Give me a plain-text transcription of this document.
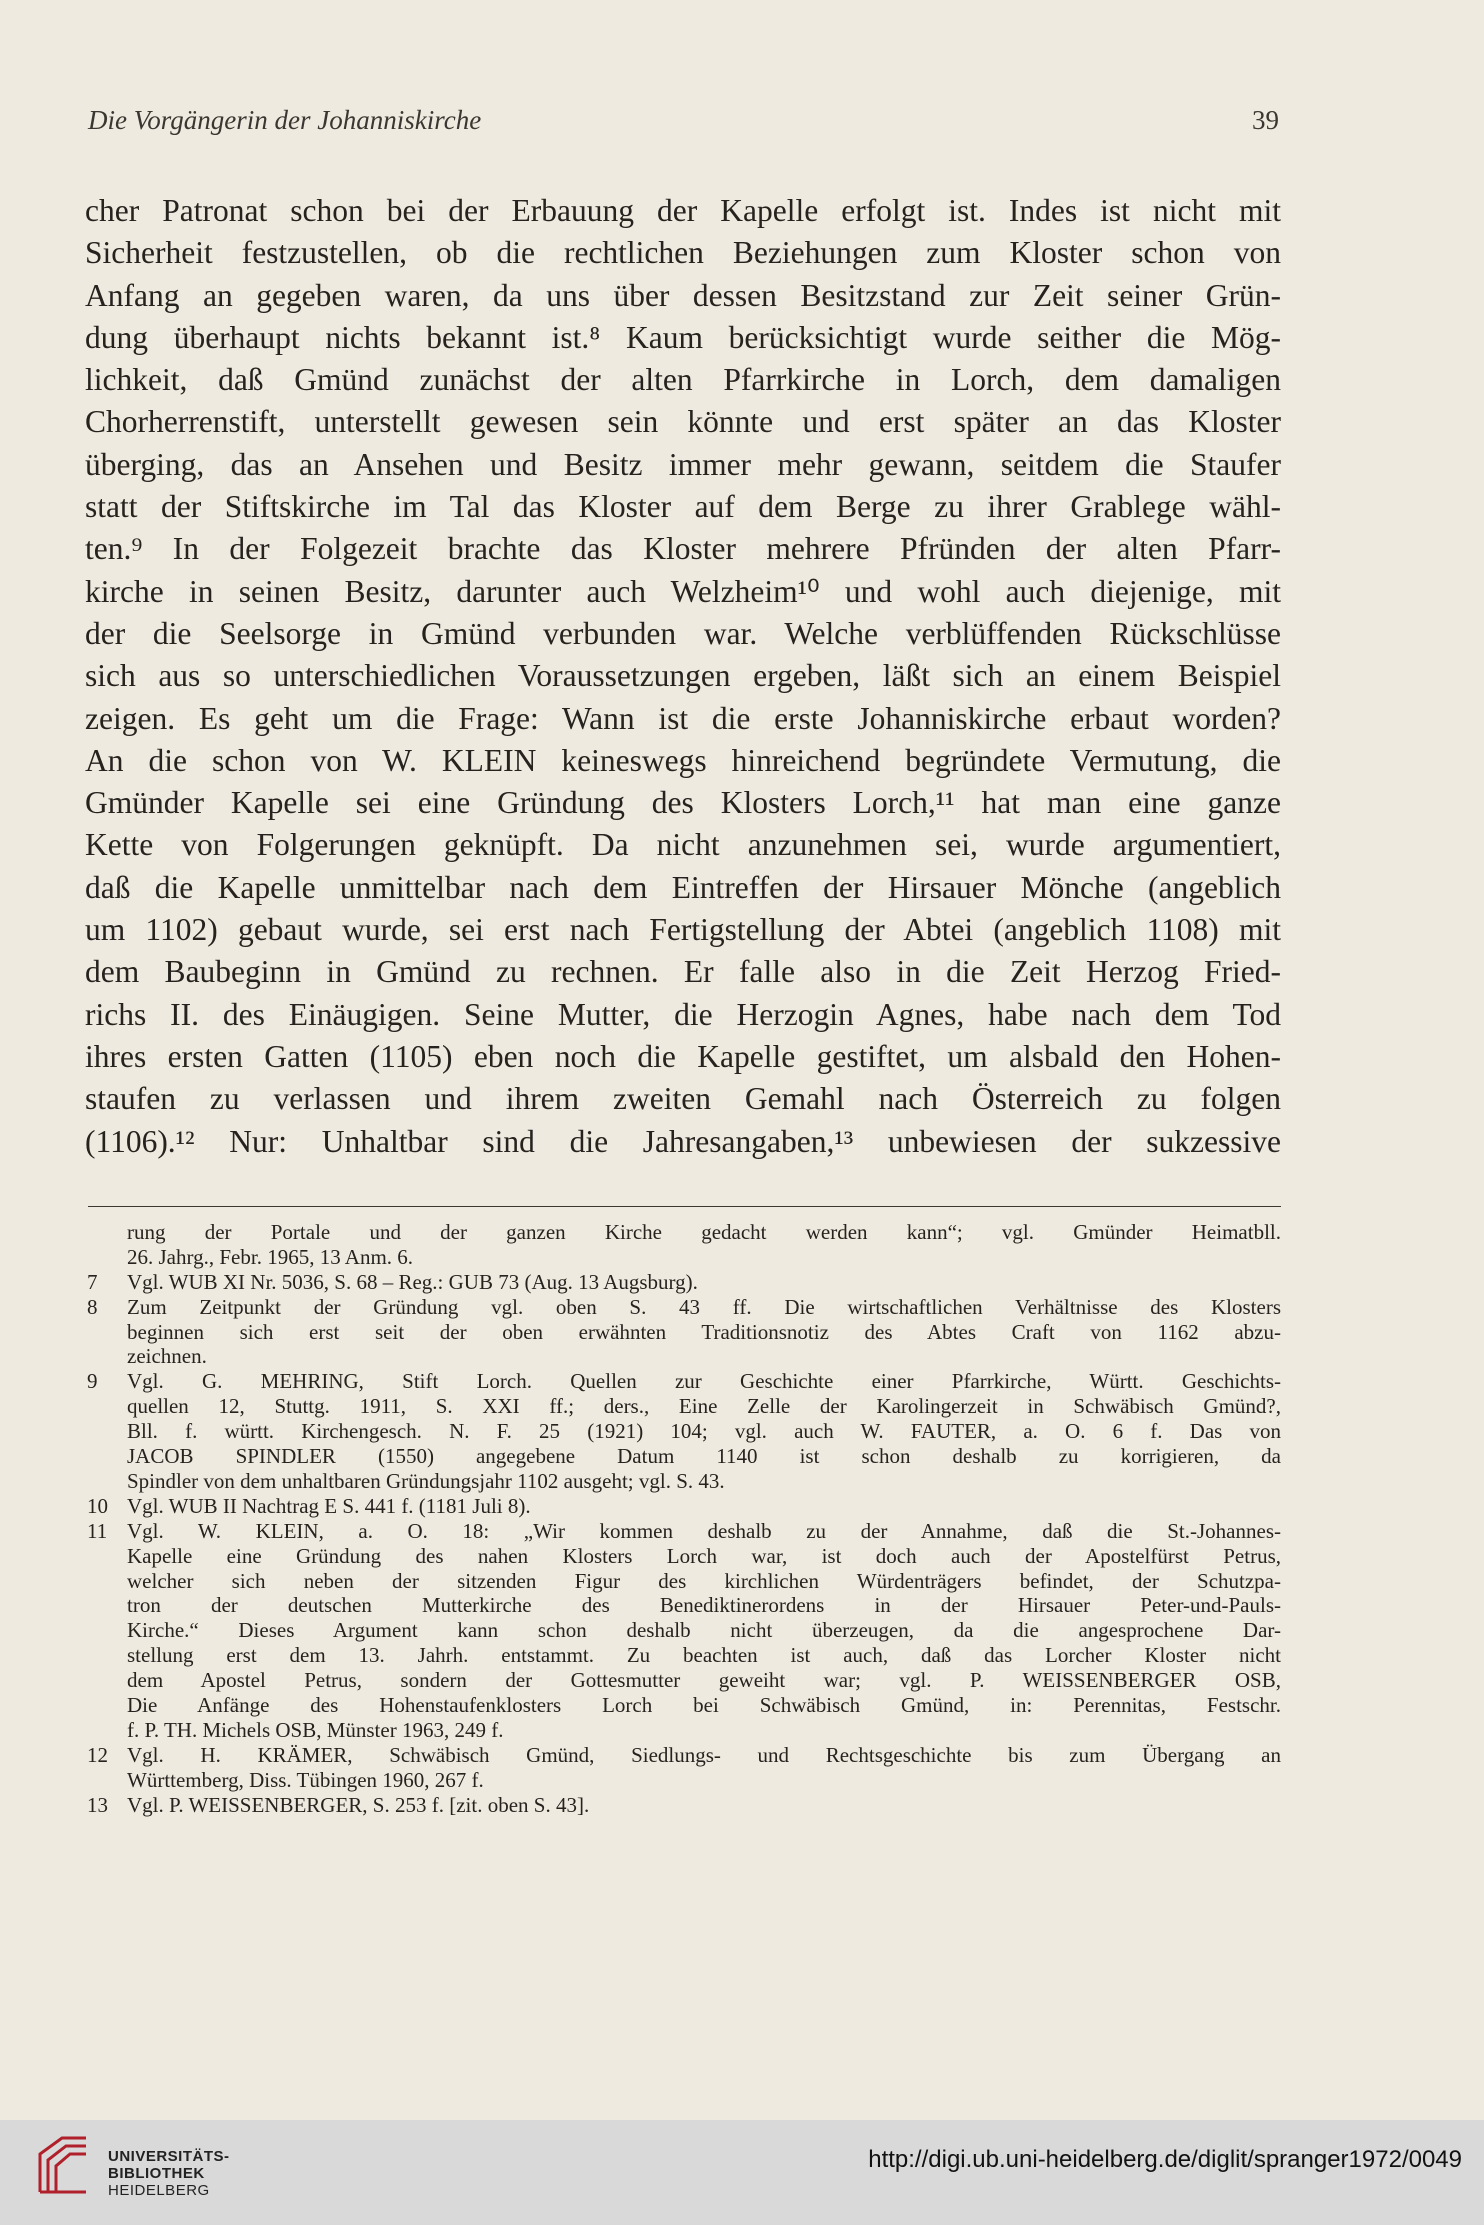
Die Vorgängerin der Johanniskirche	39
cher Patronat schon bei der Erbauung der Kapelle erfolgt ist. Indes ist nicht mit
Sicherheit festzustellen, ob die rechtlichen Beziehungen zum Kloster schon von
Anfang an gegeben waren, da uns über dessen Besitzstand zur Zeit seiner Grün-
dung überhaupt nichts bekannt ist.⁸ Kaum berücksichtigt wurde seither die Mög-
lichkeit, daß Gmünd zunächst der alten Pfarrkirche in Lorch, dem damaligen
Chorherrenstift, unterstellt gewesen sein könnte und erst später an das Kloster
überging, das an Ansehen und Besitz immer mehr gewann, seitdem die Staufer
statt der Stiftskirche im Tal das Kloster auf dem Berge zu ihrer Grablege wähl-
ten.⁹ In der Folgezeit brachte das Kloster mehrere Pfründen der alten Pfarr-
kirche in seinen Besitz, darunter auch Welzheim¹⁰ und wohl auch diejenige, mit
der die Seelsorge in Gmünd verbunden war. Welche verblüffenden Rückschlüsse
sich aus so unterschiedlichen Voraussetzungen ergeben, läßt sich an einem Beispiel
zeigen. Es geht um die Frage: Wann ist die erste Johanniskirche erbaut worden?
An die schon von W. KLEIN keineswegs hinreichend begründete Vermutung, die
Gmünder Kapelle sei eine Gründung des Klosters Lorch,¹¹ hat man eine ganze
Kette von Folgerungen geknüpft. Da nicht anzunehmen sei, wurde argumentiert,
daß die Kapelle unmittelbar nach dem Eintreffen der Hirsauer Mönche (angeblich
um 1102) gebaut wurde, sei erst nach Fertigstellung der Abtei (angeblich 1108) mit
dem Baubeginn in Gmünd zu rechnen. Er falle also in die Zeit Herzog Fried-
richs II. des Einäugigen. Seine Mutter, die Herzogin Agnes, habe nach dem Tod
ihres ersten Gatten (1105) eben noch die Kapelle gestiftet, um alsbald den Hohen-
staufen zu verlassen und ihrem zweiten Gemahl nach Österreich zu folgen
(1106).¹² Nur: Unhaltbar sind die Jahresangaben,¹³ unbewiesen der sukzessive
rung der Portale und der ganzen Kirche gedacht werden kann“; vgl. Gmünder Heimatbll.
26. Jahrg., Febr. 1965, 13 Anm. 6.
7	Vgl. WUB XI Nr. 5036, S. 68 – Reg.: GUB 73 (Aug. 13 Augsburg).
8	Zum Zeitpunkt der Gründung vgl. oben S. 43 ff. Die wirtschaftlichen Verhältnisse des Klosters
beginnen sich erst seit der oben erwähnten Traditionsnotiz des Abtes Craft von 1162 abzu-
zeichnen.
9	Vgl. G. MEHRING, Stift Lorch. Quellen zur Geschichte einer Pfarrkirche, Württ. Geschichts-
quellen 12, Stuttg. 1911, S. XXI ff.; ders., Eine Zelle der Karolingerzeit in Schwäbisch Gmünd?,
Bll. f. württ. Kirchengesch. N. F. 25 (1921) 104; vgl. auch W. FAUTER, a. O. 6 f. Das von
JACOB SPINDLER (1550) angegebene Datum 1140 ist schon deshalb zu korrigieren, da
Spindler von dem unhaltbaren Gründungsjahr 1102 ausgeht; vgl. S. 43.
10 Vgl. WUB II Nachtrag E S. 441 f. (1181 Juli 8).
11 Vgl. W. KLEIN, a. O. 18: „Wir kommen deshalb zu der Annahme, daß die St.-Johannes-
Kapelle eine Gründung des nahen Klosters Lorch war, ist doch auch der Apostelfürst Petrus,
welcher sich neben der sitzenden Figur des kirchlichen Würdenträgers befindet, der Schutzpa-
tron der deutschen Mutterkirche des Benediktinerordens in der Hirsauer Peter-und-Pauls-
Kirche.“ Dieses Argument kann schon deshalb nicht überzeugen, da die angesprochene Dar-
stellung erst dem 13. Jahrh. entstammt. Zu beachten ist auch, daß das Lorcher Kloster nicht
dem Apostel Petrus, sondern der Gottesmutter geweiht war; vgl. P. WEISSENBERGER OSB,
Die Anfänge des Hohenstaufenklosters Lorch bei Schwäbisch Gmünd, in: Perennitas, Festschr.
f. P. TH. Michels OSB, Münster 1963, 249 f.
12 Vgl. H. KRÄMER, Schwäbisch Gmünd, Siedlungs- und Rechtsgeschichte bis zum Übergang an
Württemberg, Diss. Tübingen 1960, 267 f.
13 Vgl. P. WEISSENBERGER, S. 253 f. [zit. oben S. 43].
UNIVERSITÄTS-
BIBLIOTHEK
HEIDELBERG
http://digi.ub.uni-heidelberg.de/diglit/spranger1972/0049
